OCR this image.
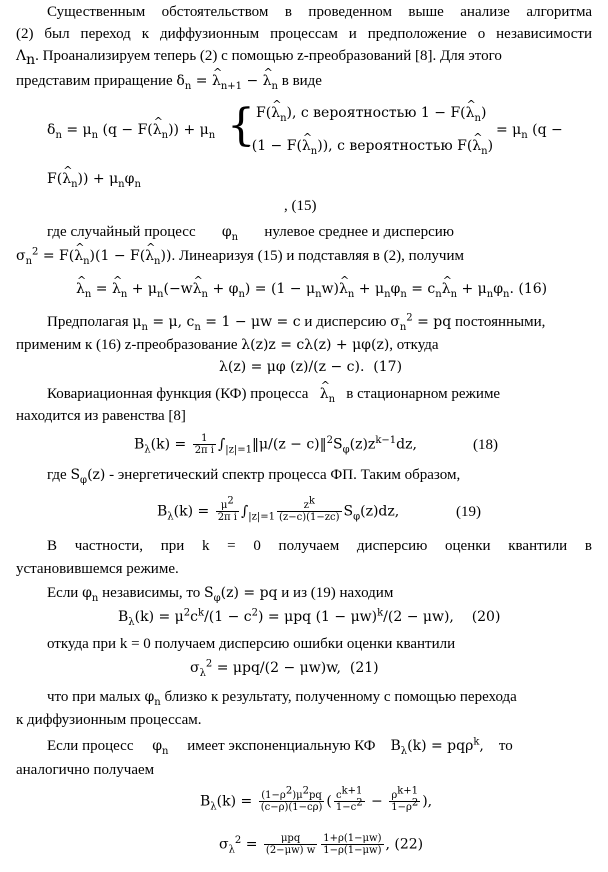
Существенным обстоятельством в проведенном выше анализе алгоритма
(2) был переход к диффузионным процессам и предположение о независимости
$\Lambda_n$. Проанализируем теперь (2) с помощью z-преобразований [8]. Для этого
представим приращение $\delta_n$ = ^ $\lambda_{n+1}$ − ^ $\lambda_n$ в виде
$\delta_n = \mu_n$ (q − F(^ $\lambda_n)) + \mu_n$ { F(^ $\lambda_n$), с вероятностью 1 − F(^ $\lambda_n$)
−(1 − F(^ $\lambda_n$)), с вероятностью F(^ $\lambda_n$)
= $\mu_n$ (q −
F(^ $\lambda_n)) + \mu_n\varphi_n$
, (15)
где случайный процесс $\varphi_n$ нулевое среднее и дисперсию
$\sigma_n^2$ = F(^ $\lambda_n)(1$ − F(^ $\lambda_n$)). Линеаризуя (15) и подставляя в (2), получим
^ $\lambda_n$ = ^ $\lambda_n$ + $\mu_n(-w\^{}$ $\lambda_n + \varphi_n) = (1$ − $\mu_nw)\^{}$ $\lambda_n + \mu_n\varphi_n$ = $c_n\^{}$ $\lambda_n + \mu_n\varphi_n$. (16)
Предполагая $\mu_n = \mu$, $c_n = 1 - \mu w = c$ и дисперсию $\sigma_n^2$ = pq постоянными,
применим к (16) z-преобразование λ(z)z = cλ(z) + μφ(z), откуда
λ(z) = μφ (z)/(z − c).  (17)
Ковариационная функция (КФ) процесса   ^ $\lambda_n$ в стационарном режиме
находится из равенства [8]
$B_\lambda(k) = \frac{1}{\text{2π i}}$ $\int_{|z|=1}‖\mu/(z$ − $c)‖^2S_\varphi(z)z^{k-1}dz$,	(18)
где $S_\varphi(z)$ - энергетический спектр процесса ФП. Таким образом,
$B_\lambda(k) = \frac{\mu^2}{\text{2π i}} \int_{|z|=1} \frac{z^k}{(z-c)(1-zc)} S_\varphi(z)dz$,	(19)
В частности, при k = 0 получаем дисперсию оценки квантили в
установившемся режиме.
Если $\varphi_n$ независимы, то $S_\varphi(z)$ = pq и из (19) находим
$B_\lambda(k) = \mu^2c^k/(1 - c^2) = \mu pq$ $(1 - \mu w)^k/(2 - \mu w)$,    (20)
откуда при k = 0 получаем дисперсию ошибки оценки квантили
$\sigma_\lambda^2 = \mu pq/(2 - \mu w)w$,  (21)
что при малых $\varphi_n$ близко к результату, полученному с помощью перехода
к диффузионным процессам.
Если процесс $\varphi_n$ имеет экспоненциальную КФ $B_\lambda(k) = pq\rho^k$, то
аналогично получаем
$B_\lambda(k) = \frac{(1-\rho^2)\mu^2pq}{(c-\rho)(1-c\rho)}$ ( $\frac{c^{k+1}}{1-c^2} - \frac{\rho^{k+1}}{1-\rho^2}$ ),
$\sigma_\lambda^2 = \frac{\text{μpq}}{(2-\mu w) w} \frac{1+\rho(1-\mu w)}{1-\rho(1-\mu w)}$ , (22)
